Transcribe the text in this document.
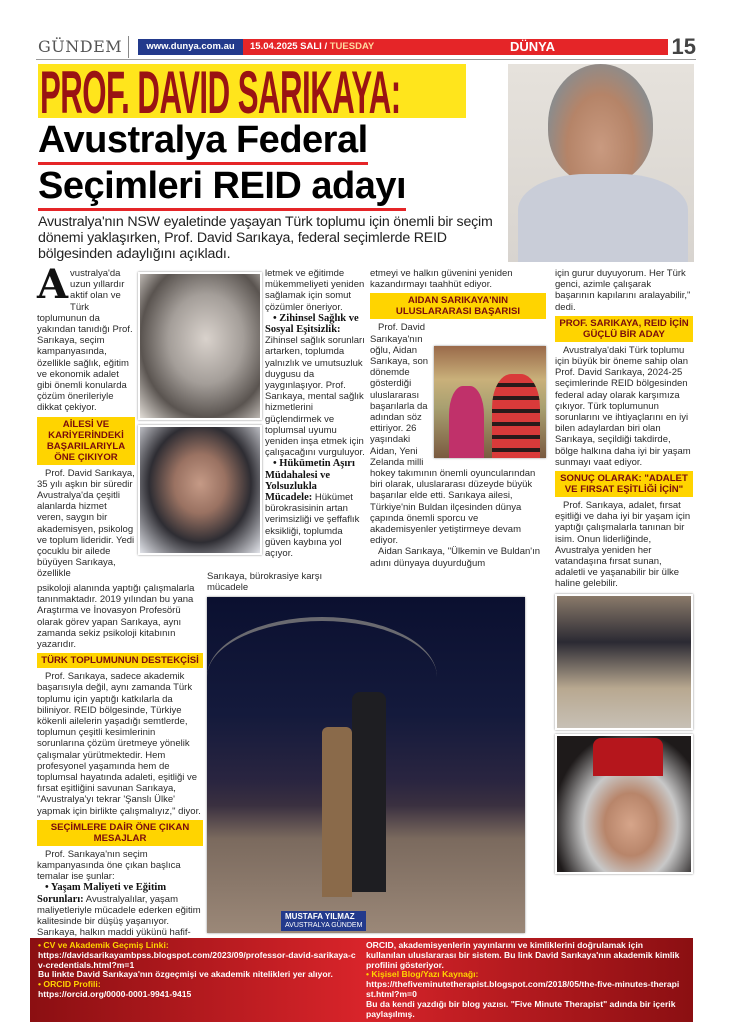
GÜNDEM	www.dunya.com.au	15.04.2025 SALI / TUESDAY	DÜNYA	15
PROF. DAVID SARIKAYA:
Avustralya Federal
Seçimleri REID adayı
Avustralya'nın NSW eyaletinde yaşayan Türk toplumu için önemli bir seçim dönemi yaklaşırken, Prof. David Sarıkaya, federal seçimlerde REID bölgesinden adaylığını açıkladı.
A vustralya'da uzun yıllardır aktif olan ve Türk toplumunun da yakından tanıdığı Prof. Sarıkaya, seçim kampanyasında, özellikle sağlık, eğitim ve ekonomik adalet gibi önemli konularda çözüm önerileriyle dikkat çekiyor.
AİLESİ VE KARİYERİNDEKİ BAŞARILARIYLA ÖNE ÇIKIYOR

Prof. David Sarıkaya, 35 yılı aşkın bir süredir Avustralya'da çeşitli alanlarda hizmet veren, saygın bir akademisyen, psikolog ve toplum lideridir. Yedi çocuklu bir ailede büyüyen Sarıkaya, özellikle

psikoloji alanında yaptığı çalışmalarla tanınmaktadır. 2019 yılından bu yana Araştırma ve İnovasyon Profesörü olarak görev yapan Sarıkaya, aynı zamanda sekiz psikoloji kitabının yazarıdır.
TÜRK TOPLUMUNUN DESTEKÇİSİ

Prof. Sarıkaya, sadece akademik başarısıyla değil, aynı zamanda Türk toplumu için yaptığı katkılarla da biliniyor. REID bölgesinde, Türkiye kökenli ailelerin yaşadığı semtlerde, toplumun çeşitli kesimlerinin sorunlarına çözüm üretmeye yönelik çalışmalar yürütmektedir. Hem profesyonel yaşamında hem de toplumsal hayatında adaleti, eşitliği ve fırsat eşitliğini savunan Sarıkaya, "Avustralya'yı tekrar 'Şanslı Ülke' yapmak için birlikte çalışmalıyız," diyor.

SEÇİMLERE DAİR ÖNE ÇIKAN MESAJLAR

Prof. Sarıkaya'nın seçim kampanyasında öne çıkan başlıca temalar ise şunlar:

• Yaşam Maliyeti ve Eğitim Sorunları: Avustralyalılar, yaşam maliyetleriyle mücadele ederken eğitim kalitesinde bir düşüş yaşanıyor. Sarıkaya, halkın maddi yükünü hafif-

letmek ve eğitimde mükemmeliyeti yeniden sağlamak için somut çözümler öneriyor.

• Zihinsel Sağlık ve Sosyal Eşitsizlik: Zihinsel sağlık sorunları artarken, toplumda yalnızlık ve umutsuzluk duygusu da yaygınlaşıyor. Prof. Sarıkaya, mental sağlık hizmetlerini güçlendirmek ve toplumsal uyumu yeniden inşa etmek için çalışacağını vurguluyor.

• Hükümetin Aşırı Müdahalesi ve Yolsuzlukla Mücadele: Hükümet bürokrasisinin artan verimsizliği ve şeffaflık eksikliği, toplumda güven kaybına yol açıyor.

Sarıkaya, bürokrasiye karşı mücadele
MUSTAFA YILMAZ
AVUSTRALYA GÜNDEM
etmeyi ve halkın güvenini yeniden kazandırmayı taahhüt ediyor.
AIDAN SARIKAYA'NIN ULUSLARARASI BAŞARISI

Prof. David Sarıkaya'nın oğlu, Aidan Sarıkaya, son dönemde gösterdiği uluslararası başarılarla da adından söz ettiriyor. 26 yaşındaki Aidan, Yeni Zelanda milli hokey takımının önemli oyuncularından biri olarak, uluslararası düzeyde büyük başarılar elde etti. Sarıkaya ailesi, Türkiye'nin Buldan ilçesinden dünya çapında önemli sporcu ve akademisyenler yetiştirmeye devam ediyor.

Aidan Sarıkaya, "Ülkemin ve Buldan'ın adını dünyaya duyurduğum

için gurur duyuyorum. Her Türk genci, azimle çalışarak başarının kapılarını aralayabilir," dedi.
PROF. SARIKAYA, REID İÇİN GÜÇLÜ BİR ADAY

Avustralya'daki Türk toplumu için büyük bir öneme sahip olan Prof. David Sarıkaya, 2024-25 seçimlerinde REID bölgesinden federal aday olarak karşımıza çıkıyor. Türk toplumunun sorunlarını ve ihtiyaçlarını en iyi bilen adaylardan biri olan Sarıkaya, seçildiği takdirde, bölge halkına daha iyi bir yaşam sunmayı vaat ediyor.

SONUÇ OLARAK: "ADALET VE FIRSAT EŞİTLİĞİ İÇİN"

Prof. Sarıkaya, adalet, fırsat eşitliği ve daha iyi bir yaşam için yaptığı çalışmalarla tanınan bir isim. Onun liderliğinde, Avustralya yeniden her vatandaşına fırsat sunan, adaletli ve yaşanabilir bir ülke haline gelebilir.

• CV ve Akademik Geçmiş Linki:
https://davidsarikayambpss.blogspot.com/2023/09/professor-david-sarikaya-cv-credentials.html?m=1
Bu linkte David Sarıkaya'nın özgeçmişi ve akademik nitelikleri yer alıyor.
• ORCID Profili:
https://orcid.org/0000-0001-9941-9415
ORCID, akademisyenlerin yayınlarını ve kimliklerini doğrulamak için kullanılan uluslararası bir sistem. Bu link David Sarıkaya'nın akademik kimlik profilini gösteriyor.
• Kişisel Blog/Yazı Kaynağı:
https://thefiveminutetherapist.blogspot.com/2018/05/the-five-minutes-therapist.html?m=0
Bu da kendi yazdığı bir blog yazısı. "Five Minute Therapist" adında bir içerik paylaşılmış.
